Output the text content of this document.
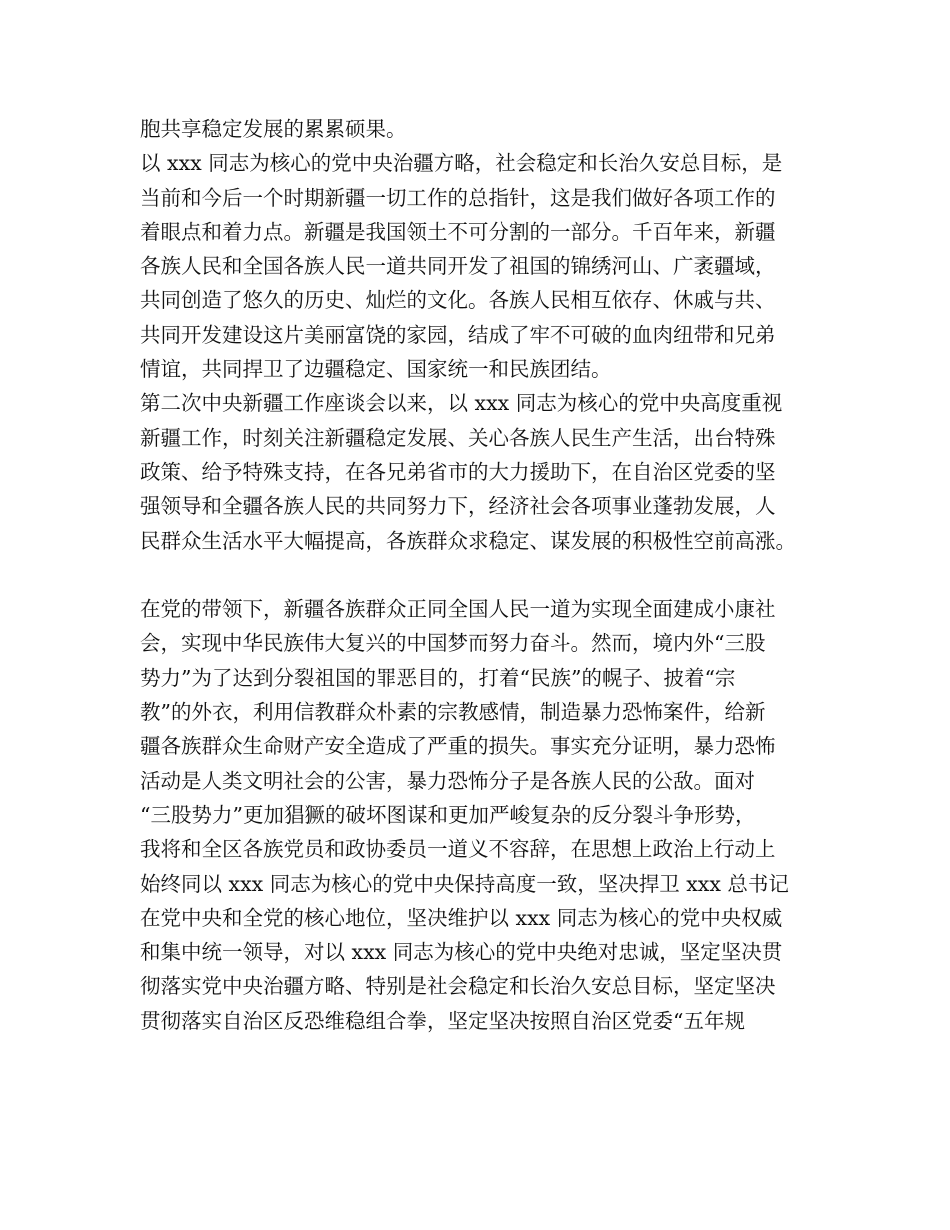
胞共享稳定发展的累累硕果。
以 xxx 同志为核心的党中央治疆方略，社会稳定和长治久安总目标，是
当前和今后一个时期新疆一切工作的总指针，这是我们做好各项工作的
着眼点和着力点。新疆是我国领土不可分割的一部分。千百年来，新疆
各族人民和全国各族人民一道共同开发了祖国的锦绣河山、广袤疆域，
共同创造了悠久的历史、灿烂的文化。各族人民相互依存、休戚与共、
共同开发建设这片美丽富饶的家园，结成了牢不可破的血肉纽带和兄弟
情谊，共同捍卫了边疆稳定、国家统一和民族团结。
第二次中央新疆工作座谈会以来，以 xxx 同志为核心的党中央高度重视
新疆工作，时刻关注新疆稳定发展、关心各族人民生产生活，出台特殊
政策、给予特殊支持，在各兄弟省市的大力援助下，在自治区党委的坚
强领导和全疆各族人民的共同努力下，经济社会各项事业蓬勃发展，人
民群众生活水平大幅提高，各族群众求稳定、谋发展的积极性空前高涨。
在党的带领下，新疆各族群众正同全国人民一道为实现全面建成小康社
会，实现中华民族伟大复兴的中国梦而努力奋斗。然而，境内外“三股
势力”为了达到分裂祖国的罪恶目的，打着“民族”的幌子、披着“宗
教”的外衣，利用信教群众朴素的宗教感情，制造暴力恐怖案件，给新
疆各族群众生命财产安全造成了严重的损失。事实充分证明，暴力恐怖
活动是人类文明社会的公害，暴力恐怖分子是各族人民的公敌。面对
“三股势力”更加猖獗的破坏图谋和更加严峻复杂的反分裂斗争形势，
我将和全区各族党员和政协委员一道义不容辞，在思想上政治上行动上
始终同以 xxx 同志为核心的党中央保持高度一致，坚决捍卫 xxx 总书记
在党中央和全党的核心地位，坚决维护以 xxx 同志为核心的党中央权威
和集中统一领导，对以 xxx 同志为核心的党中央绝对忠诚，坚定坚决贯
彻落实党中央治疆方略、特别是社会稳定和长治久安总目标，坚定坚决
贯彻落实自治区反恐维稳组合拳，坚定坚决按照自治区党委“五年规
